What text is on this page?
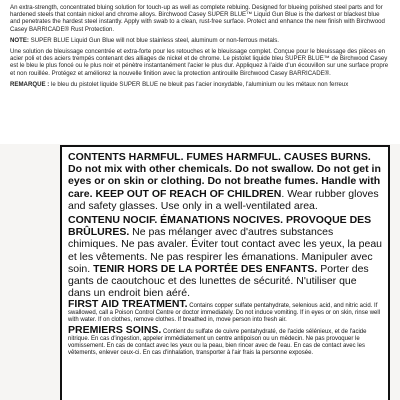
An extra-strength, concentrated bluing solution for touch-up as well as complete rebluing. Designed for blueing polished steel parts and for hardened steels that contain nickel and chrome alloys. Birchwood Casey SUPER BLUE™ Liquid Gun Blue is the darkest or blackest blue and penetrates the hardest steel instantly. Apply with swab to a clean, rust-free surface. Protect and enhance the new finish with Birchwood Casey BARRICADE® Rust Protection.

NOTE: SUPER BLUE Liquid Gun Blue will not blue stainless steel, aluminum or non-ferrous metals.

Une solution de bleuissage concentrée et extra-forte pour les retouches et le bleuissage complet. Conçue pour le bleuissage des pièces en acier poli et des aciers trempés contenant des alliages de nickel et de chrome. Le pistolet liquide bleu SUPER BLUE™ de Birchwood Casey est le bleu le plus foncé ou le plus noir et pénètre instantanément l'acier le plus dur. Appliquez à l'aide d'un écouvillon sur une surface propre et non rouillée. Protégez et améliorez la nouvelle finition avec la protection antirouille Birchwood Casey BARRICADE®.

REMARQUE : le bleu du pistolet liquide SUPER BLUE ne bleuit pas l'acier inoxydable, l'aluminium ou les métaux non ferreux

CONTENTS HARMFUL. FUMES HARMFUL. CAUSES BURNS. Do not mix with other chemicals. Do not swallow. Do not get in eyes or on skin or clothing. Do not breathe fumes. Handle with care. KEEP OUT OF REACH OF CHILDREN. Wear rubber gloves and safety glasses. Use only in a well-ventilated area.

CONTENU NOCIF. ÉMANATIONS NOCIVES. PROVOQUE DES BRÛLURES. Ne pas mélanger avec d'autres substances chimiques. Ne pas avaler. Éviter tout contact avec les yeux, la peau et les vêtements. Ne pas respirer les émanations. Manipuler avec soin. TENIR HORS DE LA PORTÉE DES ENFANTS. Porter des gants de caoutchouc et des lunettes de sécurité. N'utiliser que dans un endroit bien aéré.

FIRST AID TREATMENT. Contains copper sulfate pentahydrate, selenious acid, and nitric acid. If swallowed, call a Poison Control Centre or doctor immediately. Do not induce vomiting. If in eyes or on skin, rinse well with water. If on clothes, remove clothes. If breathed in, move person into fresh air.

PREMIERS SOINS. Contient du sulfate de cuivre pentahydraté, de l'acide sélénieux, et de l'acide nitrique. En cas d'ingestion, appeler immédiatement un centre antipoison ou un médecin. Ne pas provoquer le vomissement. En cas de contact avec les yeux ou la peau, bien rincer avec de l'eau. En cas de contact avec les vêtements, enlever ceux-ci. En cas d'inhalation, transporter à l'air frais la personne exposée.
